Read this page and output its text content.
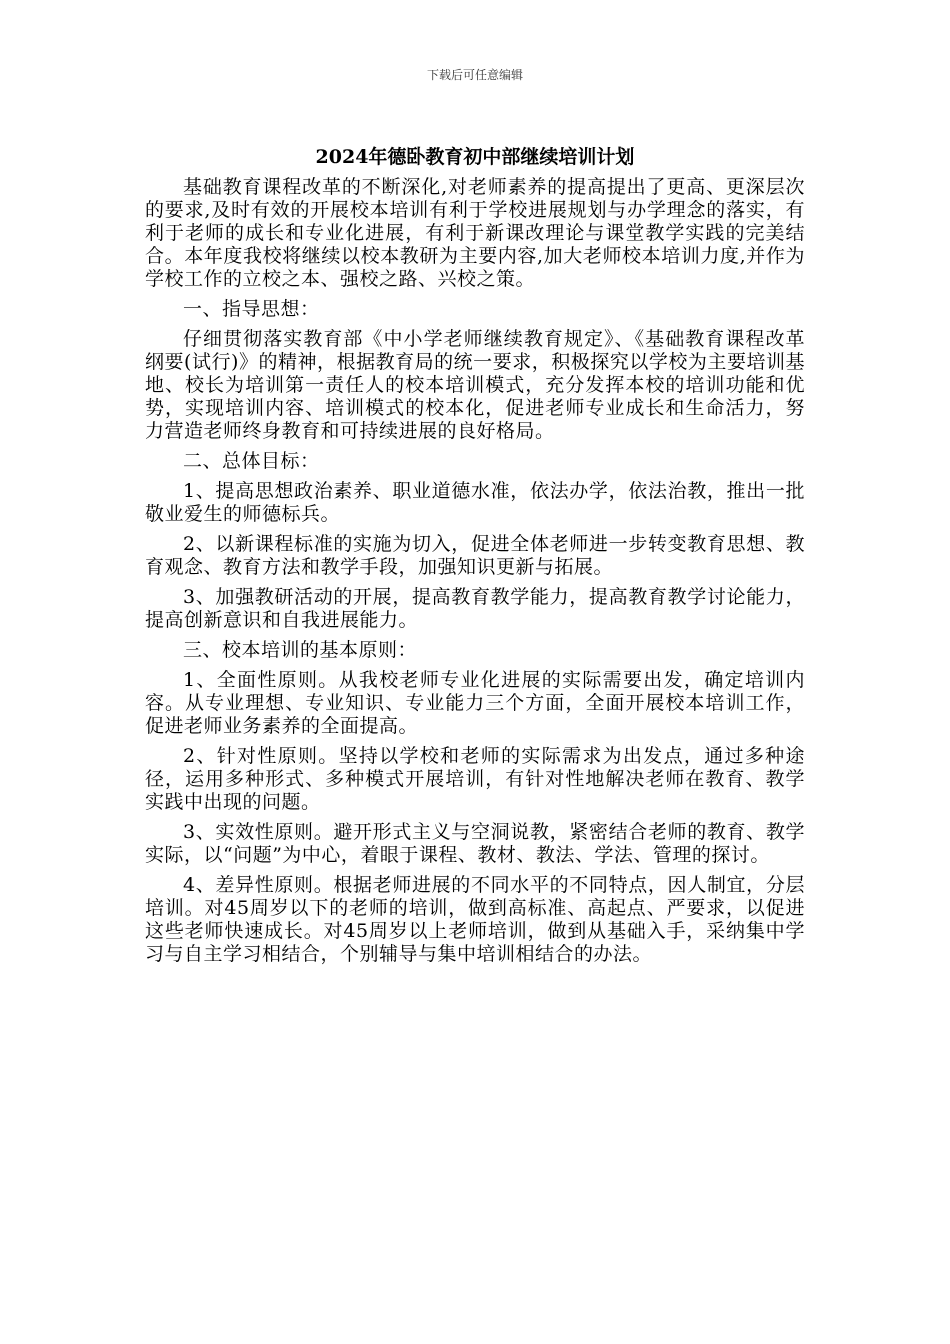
下载后可任意编辑
2024年德卧教育初中部继续培训计划

基础教育课程改革的不断深化,对老师素养的提高提出了更高、更深层次的要求,及时有效的开展校本培训有利于学校进展规划与办学理念的落实，有利于老师的成长和专业化进展，有利于新课改理论与课堂教学实践的完美结合。本年度我校将继续以校本教研为主要内容,加大老师校本培训力度,并作为学校工作的立校之本、强校之路、兴校之策。

一、指导思想：

仔细贯彻落实教育部《中小学老师继续教育规定》、《基础教育课程改革纲要(试行)》的精神，根据教育局的统一要求，积极探究以学校为主要培训基地、校长为培训第一责任人的校本培训模式，充分发挥本校的培训功能和优势，实现培训内容、培训模式的校本化，促进老师专业成长和生命活力，努力营造老师终身教育和可持续进展的良好格局。

二、总体目标：

1、提高思想政治素养、职业道德水准，依法办学，依法治教，推出一批敬业爱生的师德标兵。

2、以新课程标准的实施为切入，促进全体老师进一步转变教育思想、教育观念、教育方法和教学手段，加强知识更新与拓展。

3、加强教研活动的开展，提高教育教学能力，提高教育教学讨论能力，提高创新意识和自我进展能力。

三、校本培训的基本原则：

1、全面性原则。从我校老师专业化进展的实际需要出发，确定培训内容。从专业理想、专业知识、专业能力三个方面，全面开展校本培训工作，促进老师业务素养的全面提高。

2、针对性原则。坚持以学校和老师的实际需求为出发点，通过多种途径，运用多种形式、多种模式开展培训，有针对性地解决老师在教育、教学实践中出现的问题。

3、实效性原则。避开形式主义与空洞说教，紧密结合老师的教育、教学实际，以“问题”为中心，着眼于课程、教材、教法、学法、管理的探讨。

4、差异性原则。根据老师进展的不同水平的不同特点，因人制宜，分层培训。对45周岁以下的老师的培训，做到高标准、高起点、严要求，以促进这些老师快速成长。对45周岁以上老师培训，做到从基础入手，采纳集中学习与自主学习相结合，个别辅导与集中培训相结合的办法。
